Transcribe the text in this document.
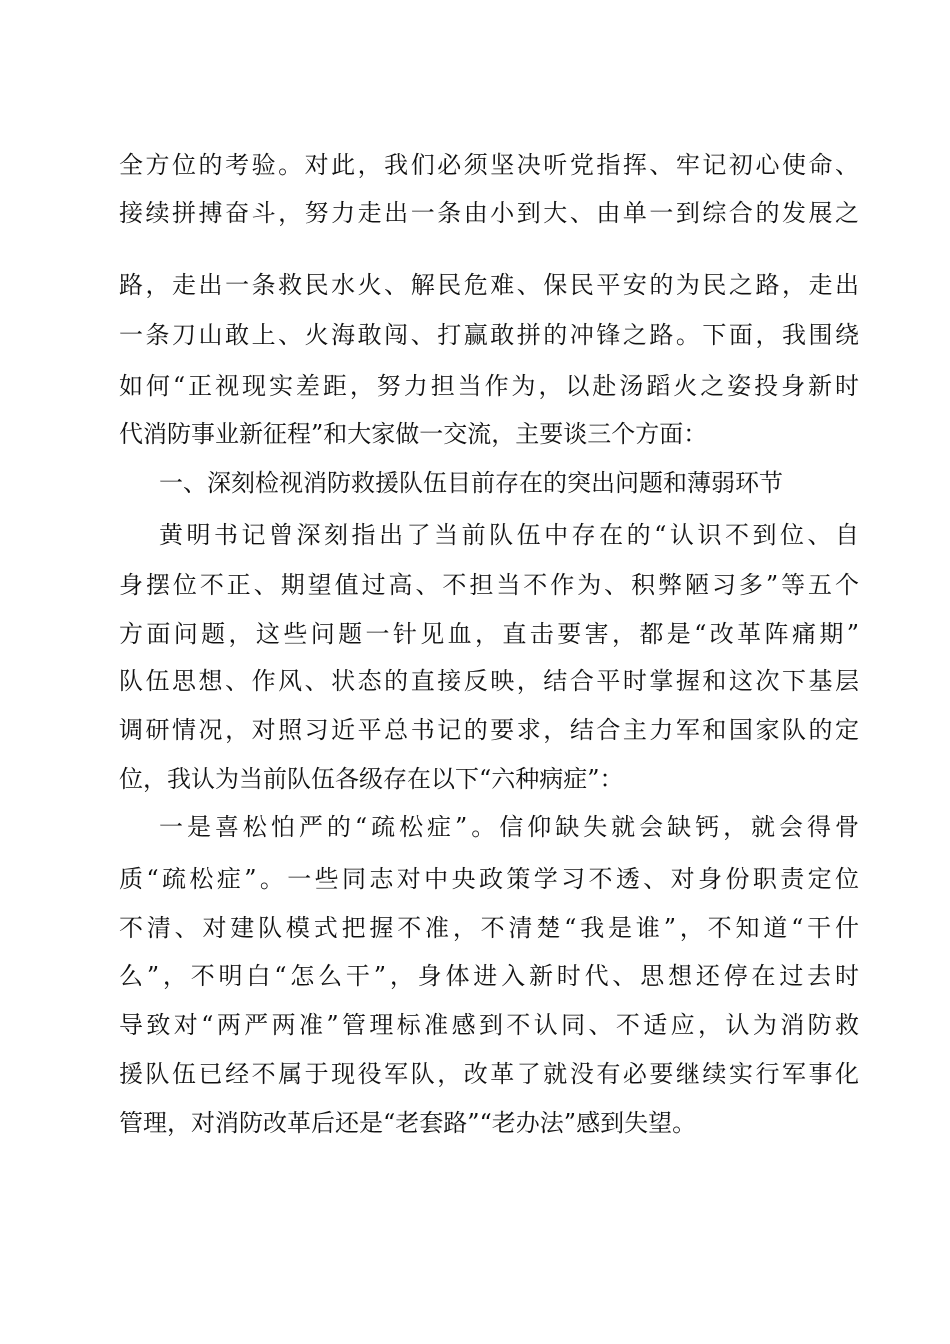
全方位的考验。对此，我们必须坚决听党指挥、牢记初心使命、
接续拼搏奋斗，努力走出一条由小到大、由单一到综合的发展之
路，走出一条救民水火、解民危难、保民平安的为民之路，走出
一条刀山敢上、火海敢闯、打赢敢拼的冲锋之路。下面，我围绕
如何“正视现实差距，努力担当作为，以赴汤蹈火之姿投身新时
代消防事业新征程”和大家做一交流，主要谈三个方面：
一、深刻检视消防救援队伍目前存在的突出问题和薄弱环节
黄明书记曾深刻指出了当前队伍中存在的“认识不到位、自
身摆位不正、期望值过高、不担当不作为、积弊陋习多”等五个
方面问题，这些问题一针见血，直击要害，都是“改革阵痛期”
队伍思想、作风、状态的直接反映，结合平时掌握和这次下基层
调研情况，对照习近平总书记的要求，结合主力军和国家队的定
位，我认为当前队伍各级存在以下“六种病症”：
一是喜松怕严的“疏松症”。信仰缺失就会缺钙，就会得骨
质“疏松症”。一些同志对中央政策学习不透、对身份职责定位
不清、对建队模式把握不准，不清楚“我是谁”，不知道“干什
么”，不明白“怎么干”，身体进入新时代、思想还停在过去时
导致对“两严两准”管理标准感到不认同、不适应，认为消防救
援队伍已经不属于现役军队，改革了就没有必要继续实行军事化
管理，对消防改革后还是“老套路”“老办法”感到失望。
